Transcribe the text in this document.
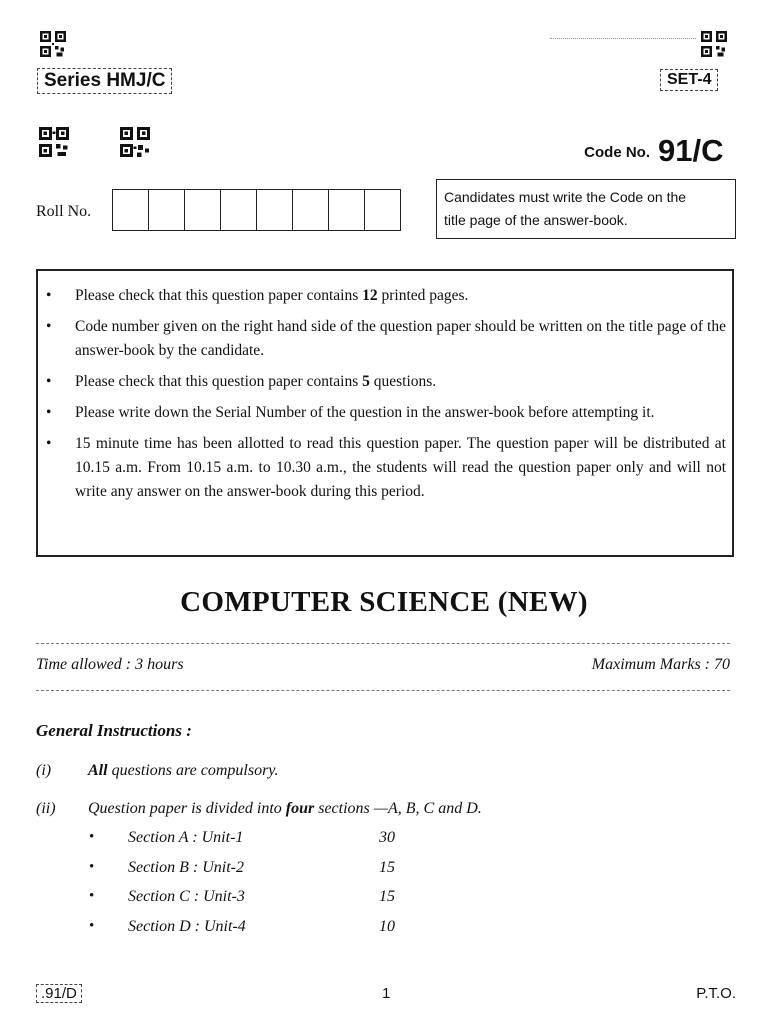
Series HMJ/C	SET-4
Code No. 91/C
Roll No.
Candidates must write the Code on the
title page of the answer-book.
• Please check that this question paper contains 12 printed pages.
• Code number given on the right hand side of the question paper should be written on the title page of the answer-book by the candidate.
• Please check that this question paper contains 5 questions.
• Please write down the Serial Number of the question in the answer-book before attempting it.
• 15 minute time has been allotted to read this question paper. The question paper will be distributed at 10.15 a.m. From 10.15 a.m. to 10.30 a.m., the students will read the question paper only and will not write any answer on the answer-book during this period.
COMPUTER SCIENCE (NEW)
Time allowed : 3 hours	Maximum Marks : 70
General Instructions :
(i) All questions are compulsory.
(ii) Question paper is divided into four sections —A, B, C and D.
• Section A : Unit-1	30
• Section B : Unit-2	15
• Section C : Unit-3	15
• Section D : Unit-4	10
.91/D	1	P.T.O.
